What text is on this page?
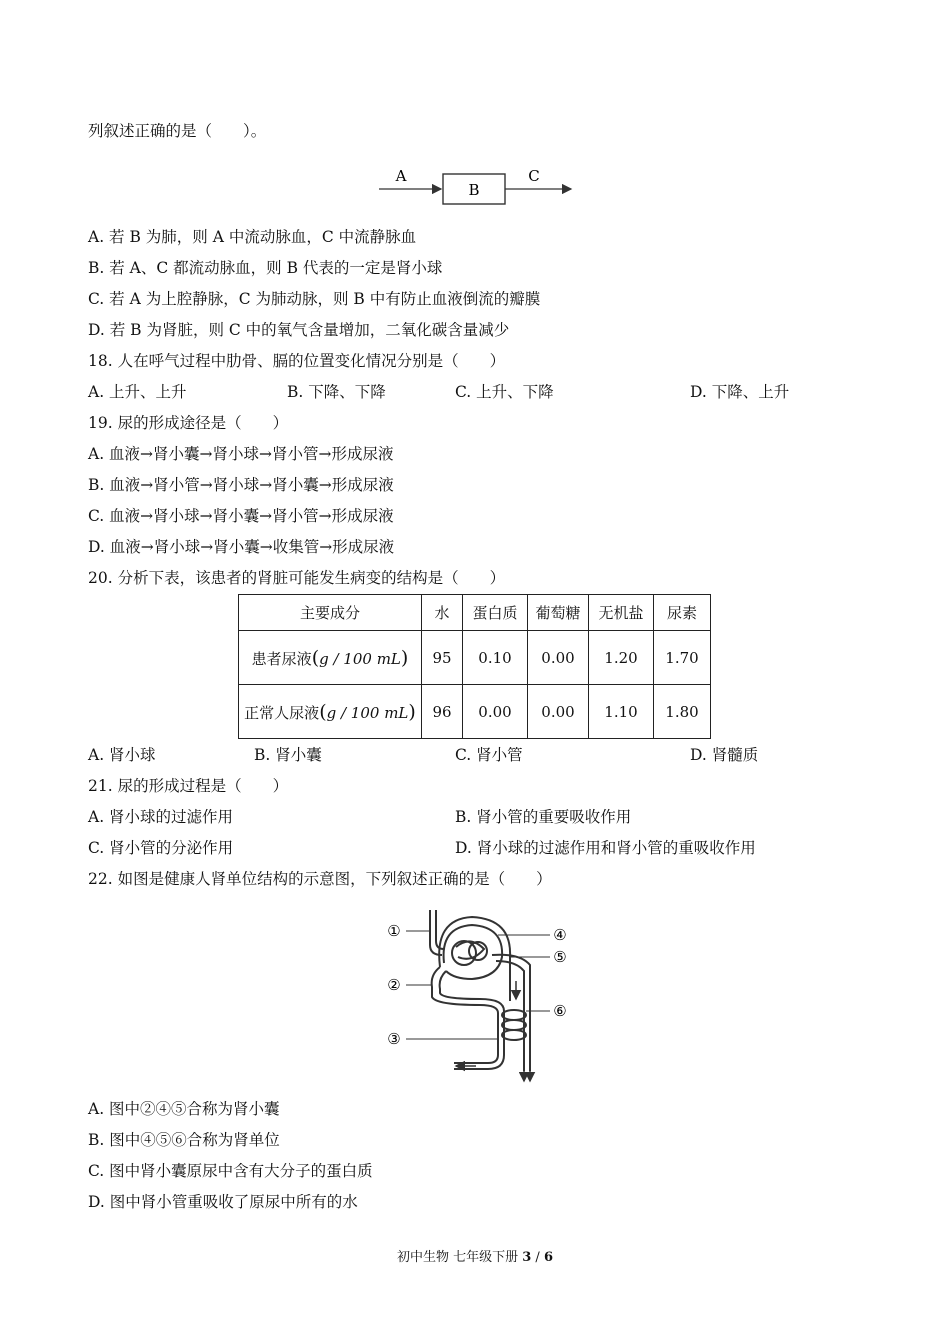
列叙述正确的是（　　）。
A
B
C
A. 若 B 为肺，则 A 中流动脉血，C 中流静脉血
B. 若 A、C 都流动脉血，则 B 代表的一定是肾小球
C. 若 A 为上腔静脉，C 为肺动脉，则 B 中有防止血液倒流的瓣膜
D. 若 B 为肾脏，则 C 中的氧气含量增加，二氧化碳含量减少
18. 人在呼气过程中肋骨、膈的位置变化情况分别是（　　）
A. 上升、上升	B. 下降、下降	C. 上升、下降	D. 下降、上升
19. 尿的形成途径是（　　）
A. 血液→肾小囊→肾小球→肾小管→形成尿液
B. 血液→肾小管→肾小球→肾小囊→形成尿液
C. 血液→肾小球→肾小囊→肾小管→形成尿液
D. 血液→肾小球→肾小囊→收集管→形成尿液
20. 分析下表，该患者的肾脏可能发生病变的结构是（　　）
主要成分	水	蛋白质	葡萄糖	无机盐	尿素
患者尿液(g / 100 mL)	95	0.10	0.00	1.20	1.70
正常人尿液(g / 100 mL)	96	0.00	0.00	1.10	1.80
A. 肾小球	B. 肾小囊	C. 肾小管	D. 肾髓质
21. 尿的形成过程是（　　）
A. 肾小球的过滤作用	B. 肾小管的重要吸收作用
C. 肾小管的分泌作用	D. 肾小球的过滤作用和肾小管的重吸收作用
22. 如图是健康人肾单位结构的示意图，下列叙述正确的是（　　）
①
②
③
④
⑤
⑥
A. 图中②④⑤合称为肾小囊
B. 图中④⑤⑥合称为肾单位
C. 图中肾小囊原尿中含有大分子的蛋白质
D. 图中肾小管重吸收了原尿中所有的水
初中生物 七年级下册 3 / 6
